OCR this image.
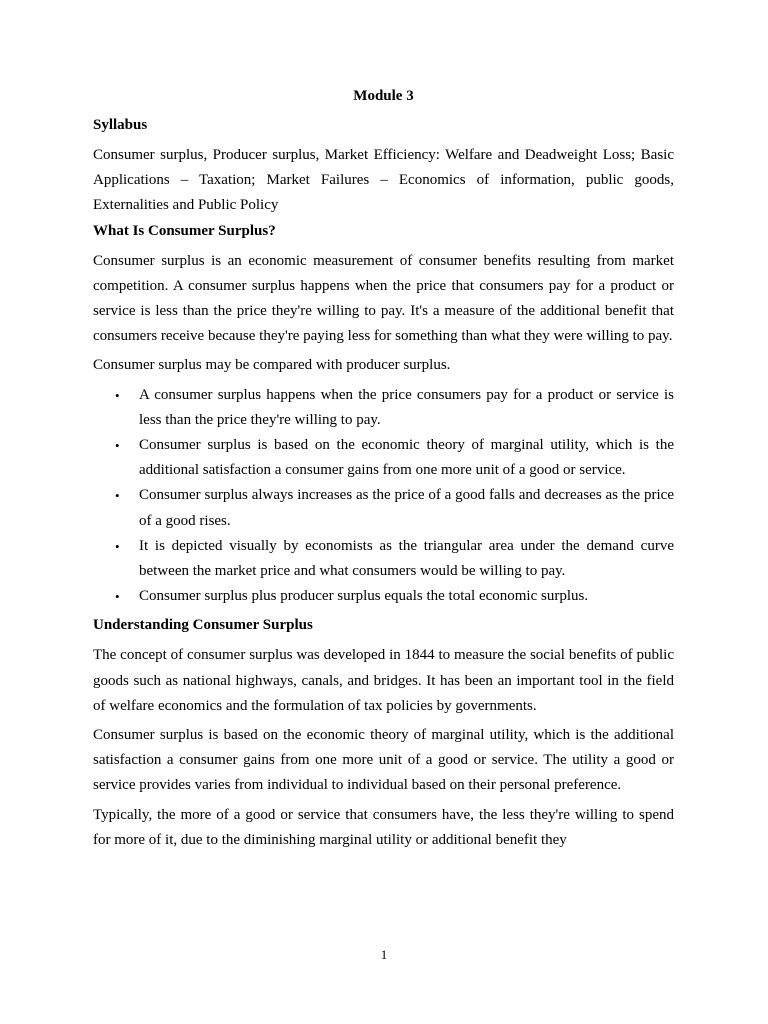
Module 3
Syllabus

Consumer surplus, Producer surplus, Market Efficiency: Welfare and Deadweight Loss; Basic Applications – Taxation; Market Failures – Economics of information, public goods, Externalities and Public Policy

What Is Consumer Surplus?

Consumer surplus is an economic measurement of consumer benefits resulting from market competition. A consumer surplus happens when the price that consumers pay for a product or service is less than the price they're willing to pay. It's a measure of the additional benefit that consumers receive because they're paying less for something than what they were willing to pay.

Consumer surplus may be compared with producer surplus.

• A consumer surplus happens when the price consumers pay for a product or service is less than the price they're willing to pay.
• Consumer surplus is based on the economic theory of marginal utility, which is the additional satisfaction a consumer gains from one more unit of a good or service.
• Consumer surplus always increases as the price of a good falls and decreases as the price of a good rises.
• It is depicted visually by economists as the triangular area under the demand curve between the market price and what consumers would be willing to pay.
• Consumer surplus plus producer surplus equals the total economic surplus.
Understanding Consumer Surplus

The concept of consumer surplus was developed in 1844 to measure the social benefits of public goods such as national highways, canals, and bridges. It has been an important tool in the field of welfare economics and the formulation of tax policies by governments.

Consumer surplus is based on the economic theory of marginal utility, which is the additional satisfaction a consumer gains from one more unit of a good or service. The utility a good or service provides varies from individual to individual based on their personal preference.

Typically, the more of a good or service that consumers have, the less they're willing to spend for more of it, due to the diminishing marginal utility or additional benefit they

1
